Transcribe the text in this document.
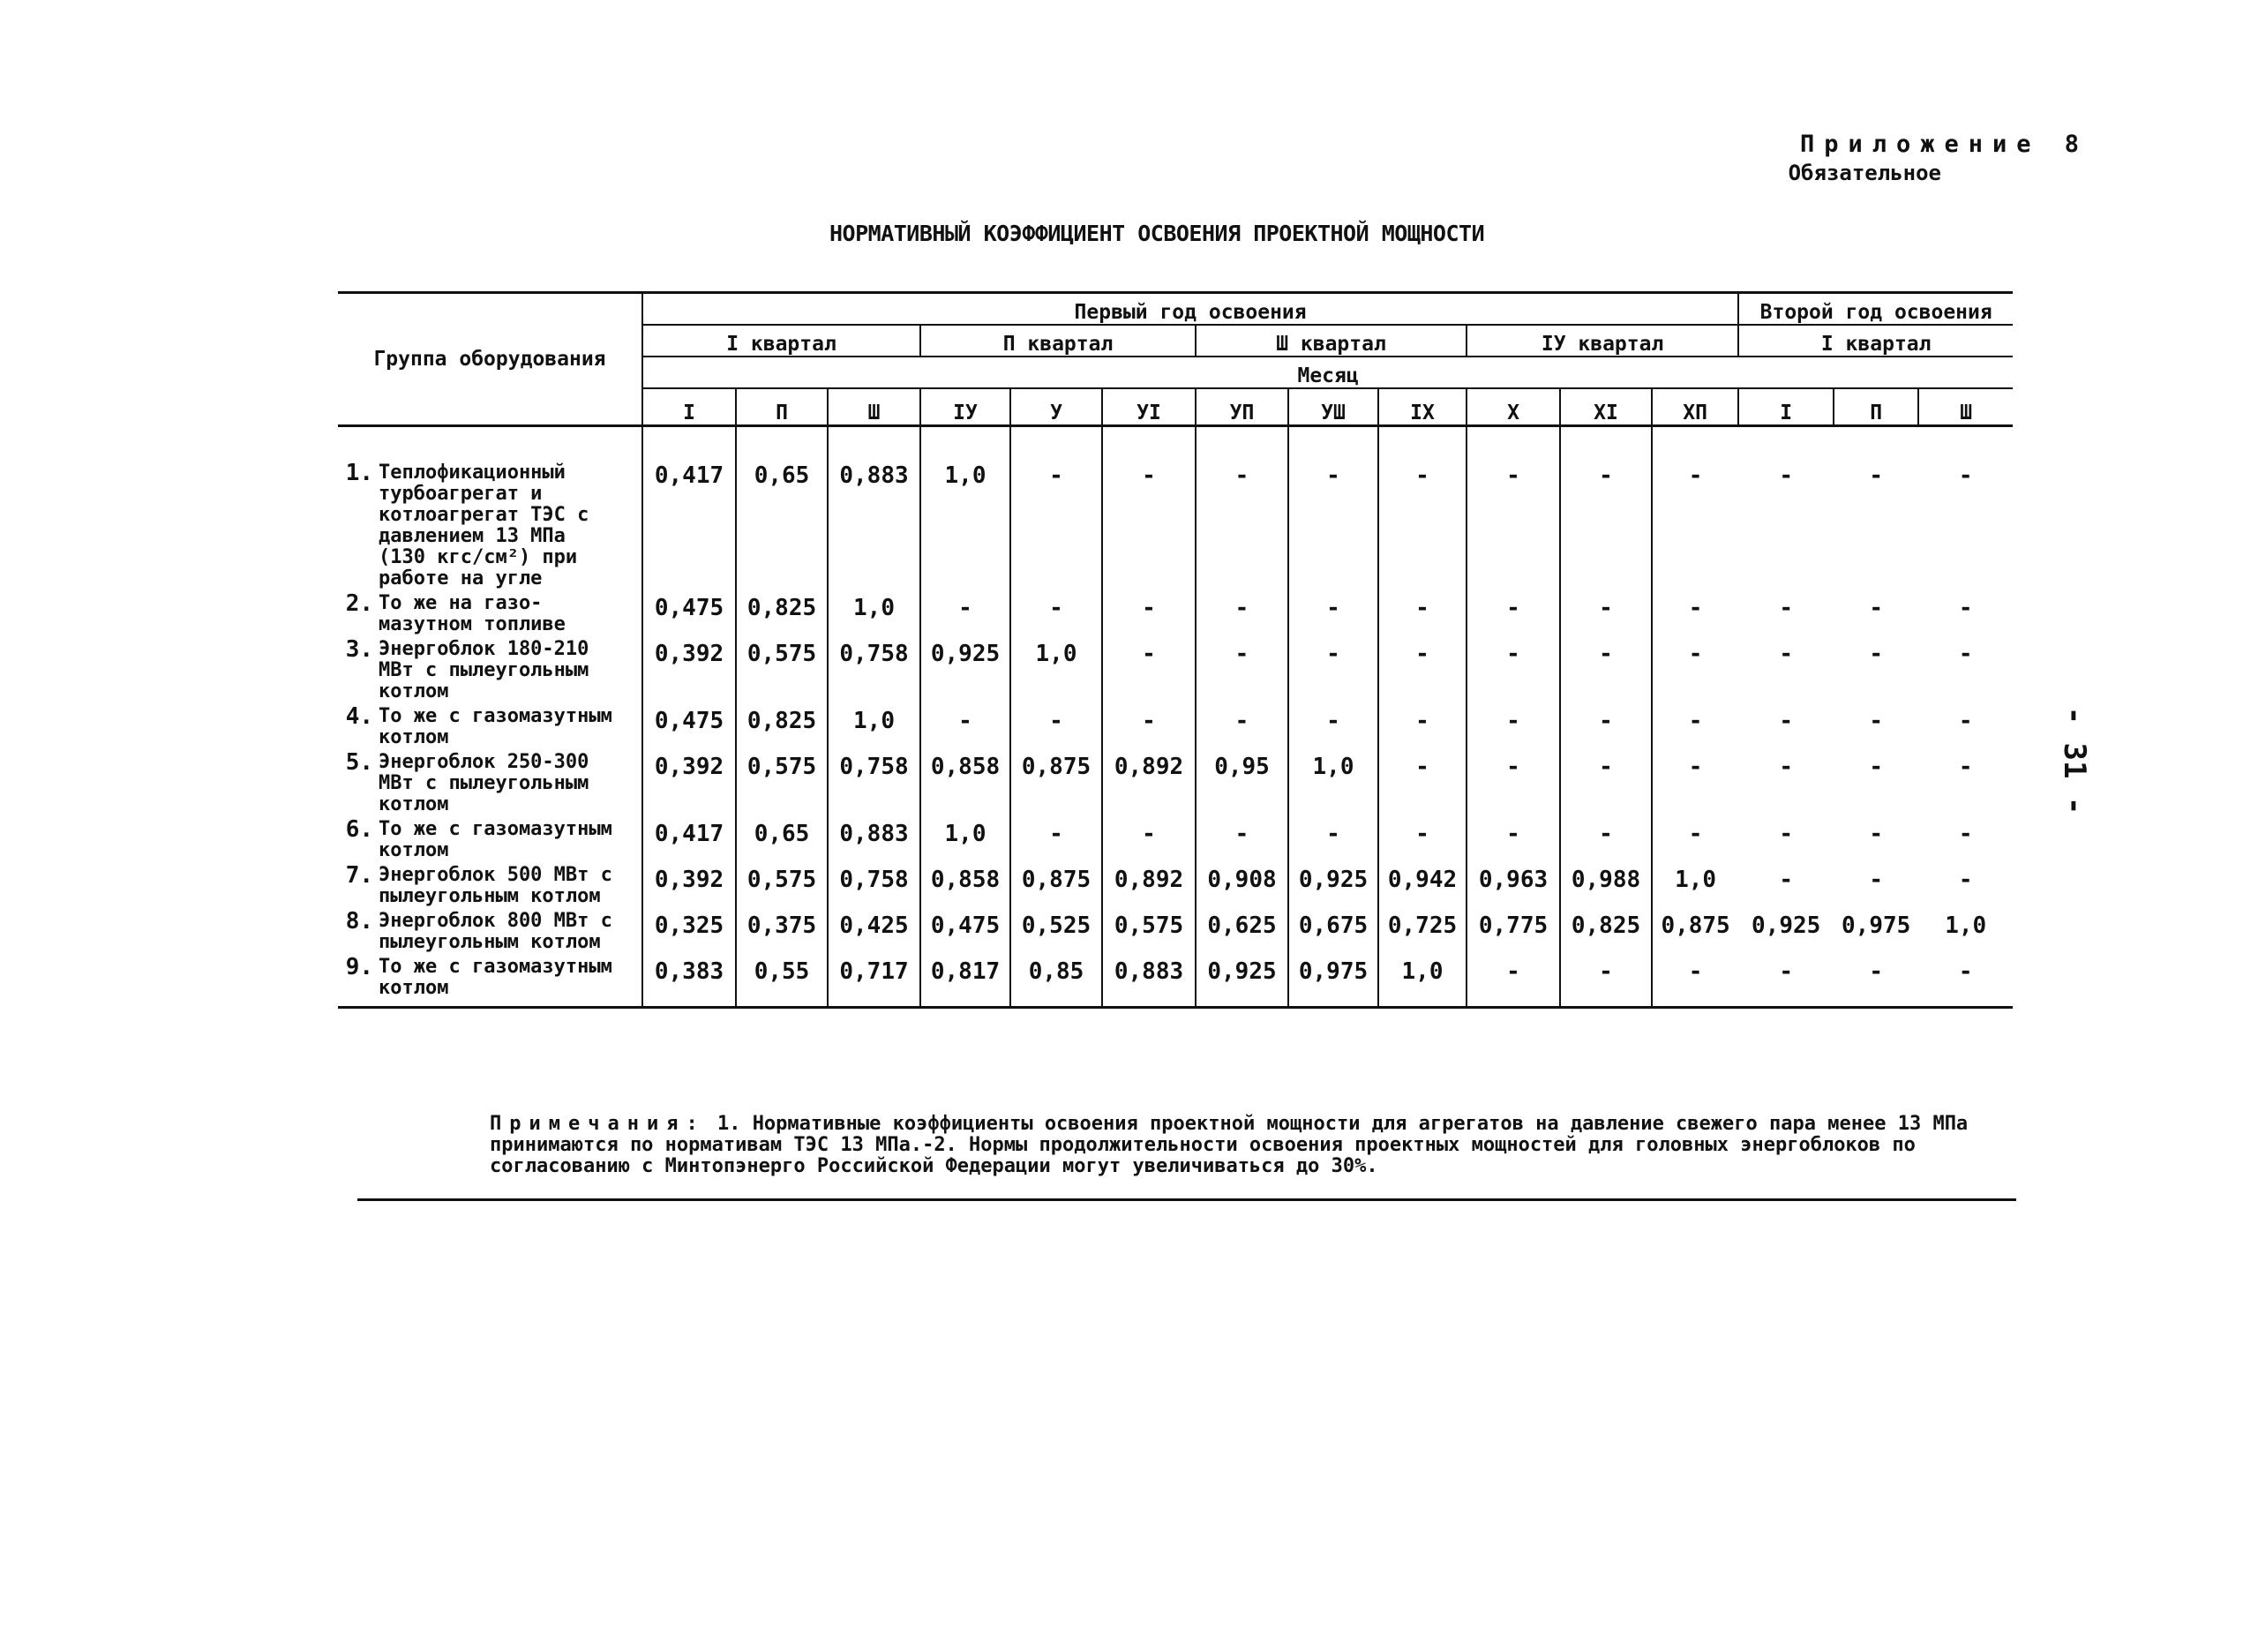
Приложение 8
Обязательное
НОРМАТИВНЫЙ КОЭФФИЦИЕНТ ОСВОЕНИЯ ПРОЕКТНОЙ МОЩНОСТИ
- 31 -
Группа оборудования	Первый год освоения												Второй год освоения		
	I квартал			П квартал			Ш квартал			IУ квартал			I квартал		
	Месяц														
	I	П	Ш	IУ	У	УI	УП	УШ	IX	X	XI	XП	I	П	Ш
1. Теплофикационный турбоагрегат и котлоагрегат ТЭС с давлением 13 МПа (130 кгс/см²) при работе на угле	0,417	0,65	0,883	1,0	-	-	-	-	-	-	-	-	-	-	-
2. То же на газо-мазутном топливе	0,475	0,825	1,0	-	-	-	-	-	-	-	-	-	-	-	-
3. Энергоблок 180-210 МВт с пылеугольным котлом	0,392	0,575	0,758	0,925	1,0	-	-	-	-	-	-	-	-	-	-
4. То же с газомазутным котлом	0,475	0,825	1,0	-	-	-	-	-	-	-	-	-	-	-	-
5. Энергоблок 250-300 МВт с пылеугольным котлом	0,392	0,575	0,758	0,858	0,875	0,892	0,95	1,0	-	-	-	-	-	-	-
6. То же с газомазутным котлом	0,417	0,65	0,883	1,0	-	-	-	-	-	-	-	-	-	-	-
7. Энергоблок 500 МВт с пылеугольным котлом	0,392	0,575	0,758	0,858	0,875	0,892	0,908	0,925	0,942	0,963	0,988	1,0	-	-	-
8. Энергоблок 800 МВт с пылеугольным котлом	0,325	0,375	0,425	0,475	0,525	0,575	0,625	0,675	0,725	0,775	0,825	0,875	0,925	0,975	1,0
9. То же с газомазутным котлом	0,383	0,55	0,717	0,817	0,85	0,883	0,925	0,975	1,0	-	-	-	-	-	-
Примечания: 1. Нормативные коэффициенты освоения проектной мощности для агрегатов на давление свежего пара менее 13 МПа принимаются по нормативам ТЭС 13 МПа.-2. Нормы продолжительности освоения проектных мощностей для головных энергоблоков по согласованию с Минтопэнерго Российской Федерации могут увеличиваться до 30%.
